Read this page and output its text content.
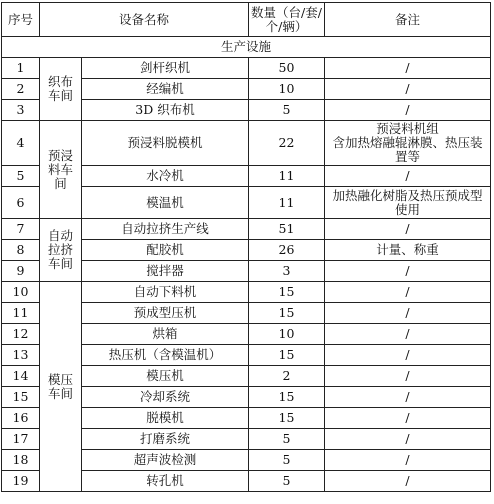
序号	设备名称		数量（台/套/个/辆）	备注
生产设施				
1	织布车间	剑杆织机	50	/
2		经编机	10	/
3		3D 织布机	5	/
4	预浸料车间	预浸料脱模机	22	预浸料机组
含加热熔融辊淋膜、热压装置等
5		水冷机	11	/
6		模温机	11	加热融化树脂及热压预成型使用
7	自动拉挤车间	自动拉挤生产线	51	/
8		配胶机	26	计量、称重
9		搅拌器	3	/
10	模压车间	自动下料机	15	/
11		预成型压机	15	/
12		烘箱	10	/
13		热压机（含模温机）	15	/
14		模压机	2	/
15		冷却系统	15	/
16		脱模机	15	/
17		打磨系统	5	/
18		超声波检测	5	/
19		转孔机	5	/
